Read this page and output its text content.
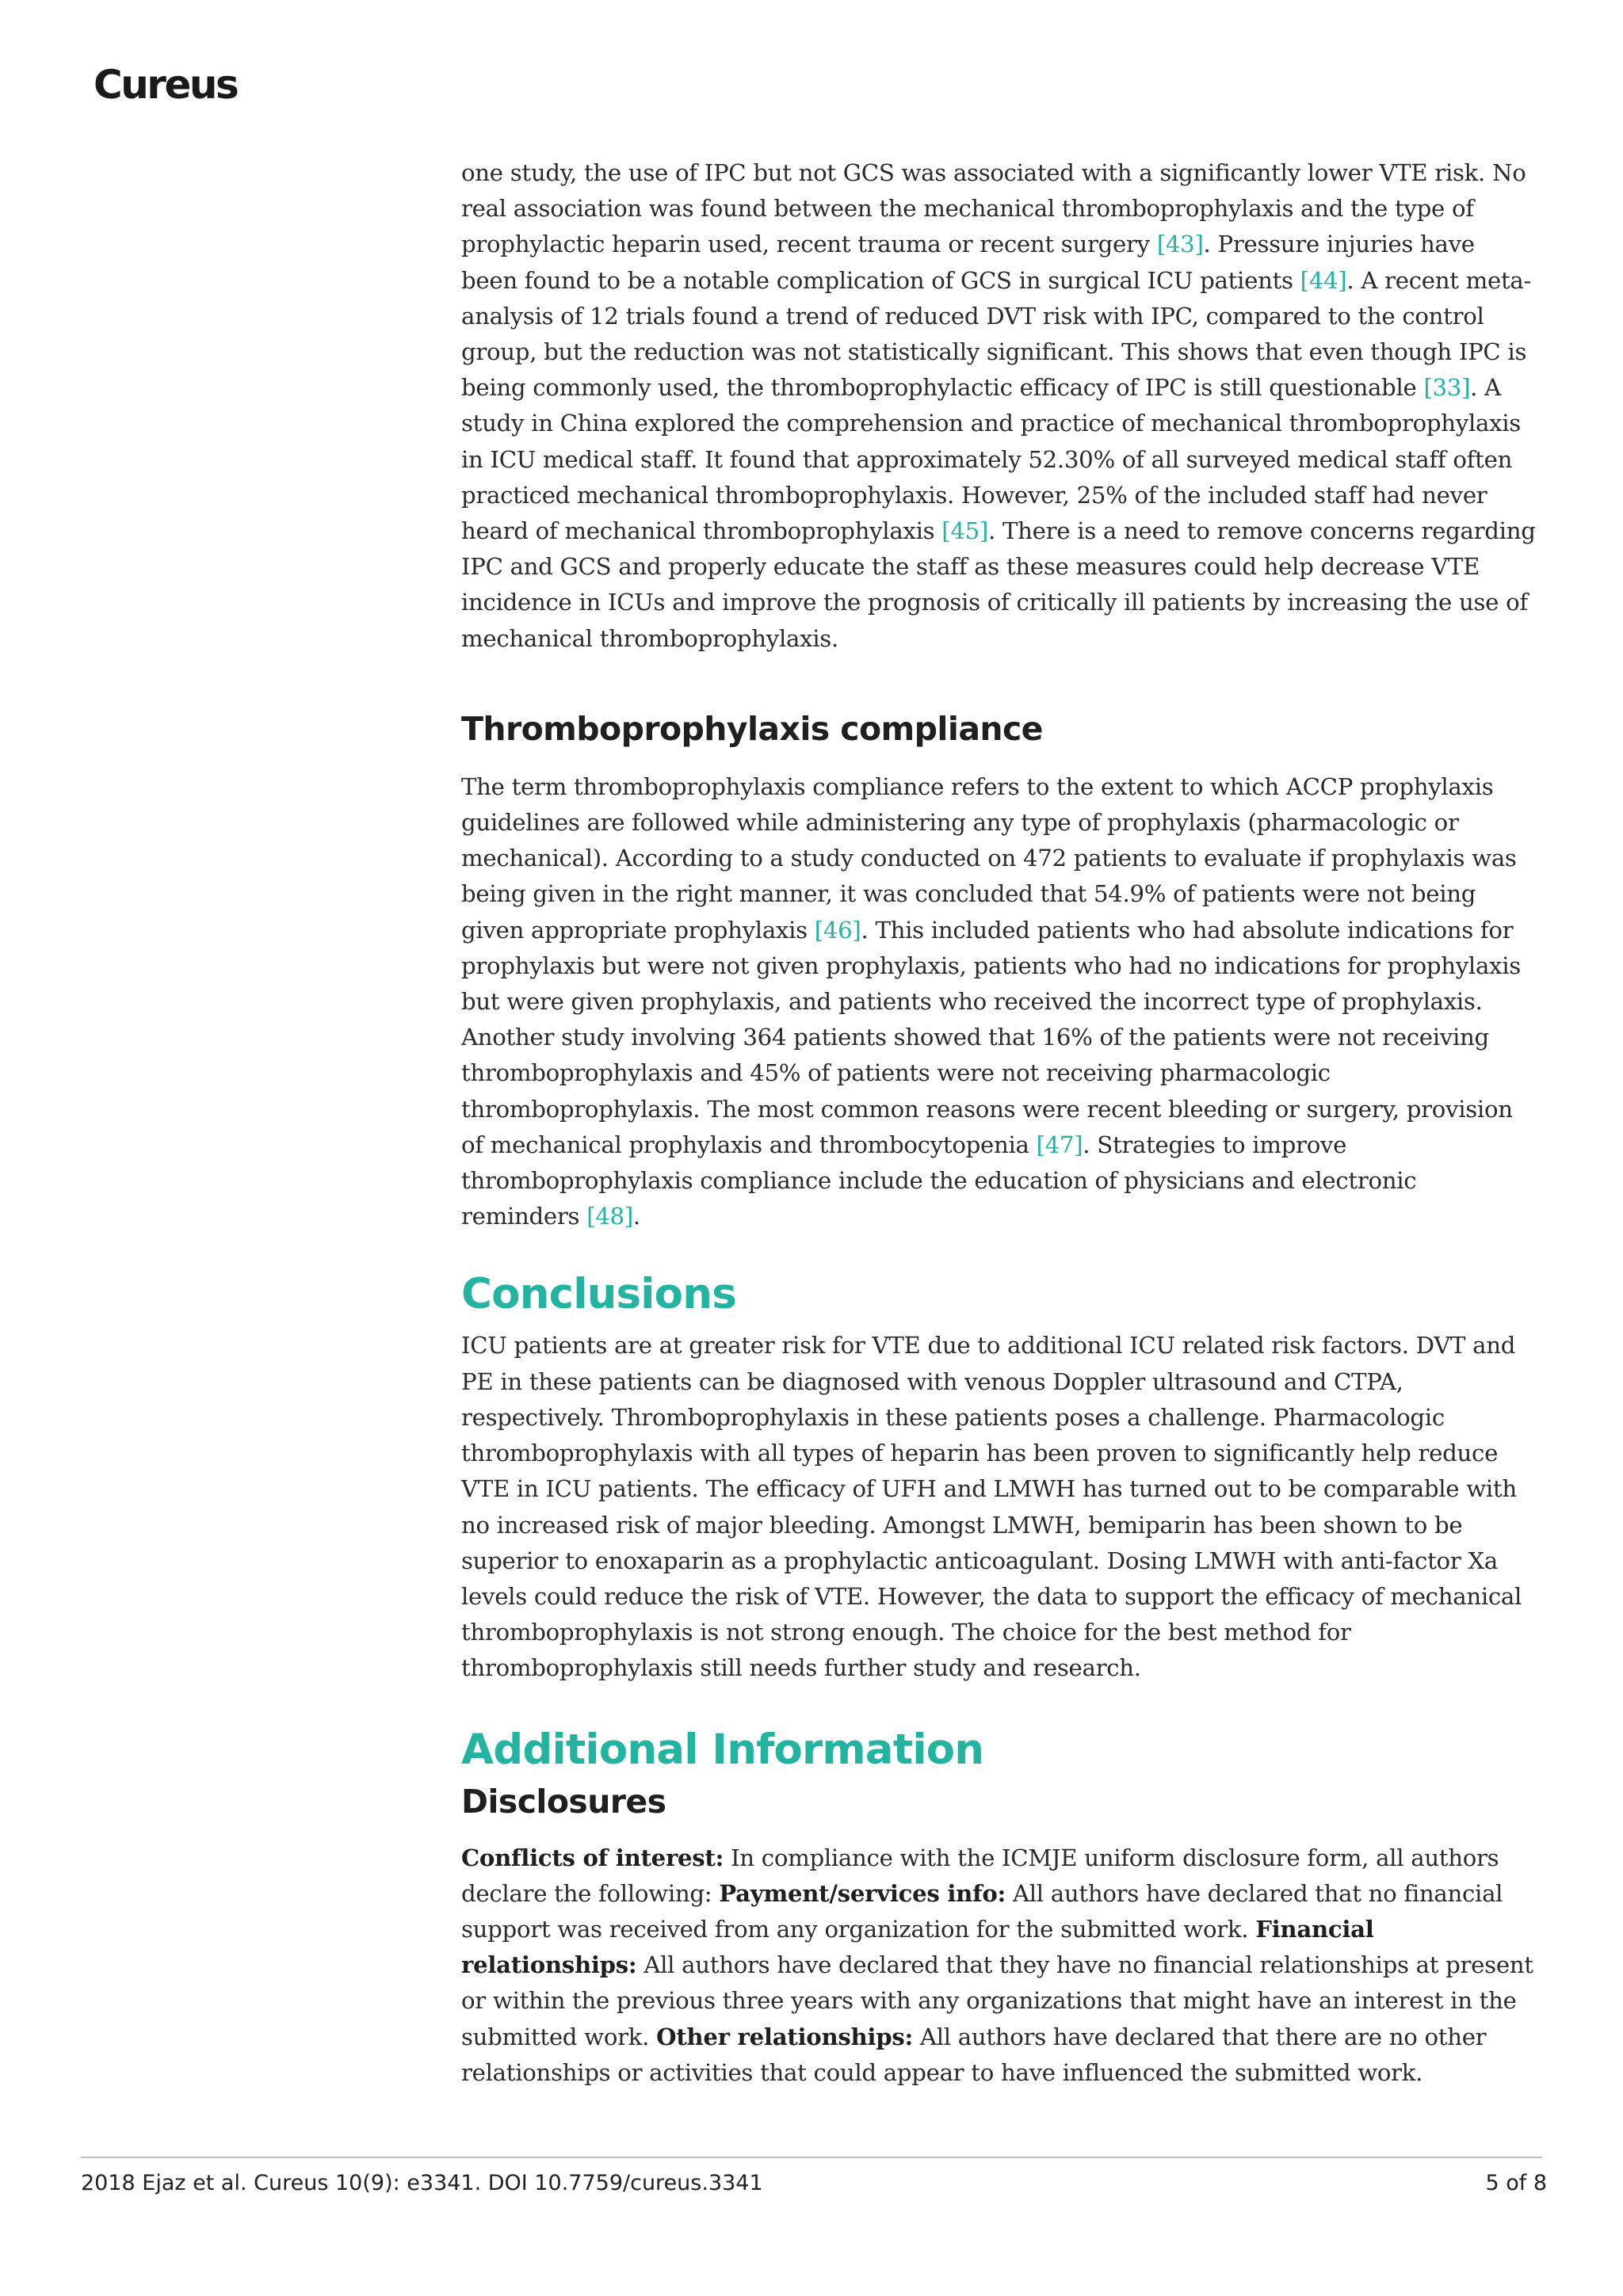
Cureus

one study, the use of IPC but not GCS was associated with a significantly lower VTE risk. No real association was found between the mechanical thromboprophylaxis and the type of prophylactic heparin used, recent trauma or recent surgery [43]. Pressure injuries have been found to be a notable complication of GCS in surgical ICU patients [44]. A recent meta-analysis of 12 trials found a trend of reduced DVT risk with IPC, compared to the control group, but the reduction was not statistically significant. This shows that even though IPC is being commonly used, the thromboprophylactic efficacy of IPC is still questionable [33]. A study in China explored the comprehension and practice of mechanical thromboprophylaxis in ICU medical staff. It found that approximately 52.30% of all surveyed medical staff often practiced mechanical thromboprophylaxis. However, 25% of the included staff had never heard of mechanical thromboprophylaxis [45]. There is a need to remove concerns regarding IPC and GCS and properly educate the staff as these measures could help decrease VTE incidence in ICUs and improve the prognosis of critically ill patients by increasing the use of mechanical thromboprophylaxis.

Thromboprophylaxis compliance

The term thromboprophylaxis compliance refers to the extent to which ACCP prophylaxis guidelines are followed while administering any type of prophylaxis (pharmacologic or mechanical). According to a study conducted on 472 patients to evaluate if prophylaxis was being given in the right manner, it was concluded that 54.9% of patients were not being given appropriate prophylaxis [46]. This included patients who had absolute indications for prophylaxis but were not given prophylaxis, patients who had no indications for prophylaxis but were given prophylaxis, and patients who received the incorrect type of prophylaxis. Another study involving 364 patients showed that 16% of the patients were not receiving thromboprophylaxis and 45% of patients were not receiving pharmacologic thromboprophylaxis. The most common reasons were recent bleeding or surgery, provision of mechanical prophylaxis and thrombocytopenia [47]. Strategies to improve thromboprophylaxis compliance include the education of physicians and electronic reminders [48].

Conclusions

ICU patients are at greater risk for VTE due to additional ICU related risk factors. DVT and PE in these patients can be diagnosed with venous Doppler ultrasound and CTPA, respectively. Thromboprophylaxis in these patients poses a challenge. Pharmacologic thromboprophylaxis with all types of heparin has been proven to significantly help reduce VTE in ICU patients. The efficacy of UFH and LMWH has turned out to be comparable with no increased risk of major bleeding. Amongst LMWH, bemiparin has been shown to be superior to enoxaparin as a prophylactic anticoagulant. Dosing LMWH with anti-factor Xa levels could reduce the risk of VTE. However, the data to support the efficacy of mechanical thromboprophylaxis is not strong enough. The choice for the best method for thromboprophylaxis still needs further study and research.

Additional Information
Disclosures

Conflicts of interest: In compliance with the ICMJE uniform disclosure form, all authors declare the following: Payment/services info: All authors have declared that no financial support was received from any organization for the submitted work. Financial relationships: All authors have declared that they have no financial relationships at present or within the previous three years with any organizations that might have an interest in the submitted work. Other relationships: All authors have declared that there are no other relationships or activities that could appear to have influenced the submitted work.

2018 Ejaz et al. Cureus 10(9): e3341. DOI 10.7759/cureus.3341	5 of 8
